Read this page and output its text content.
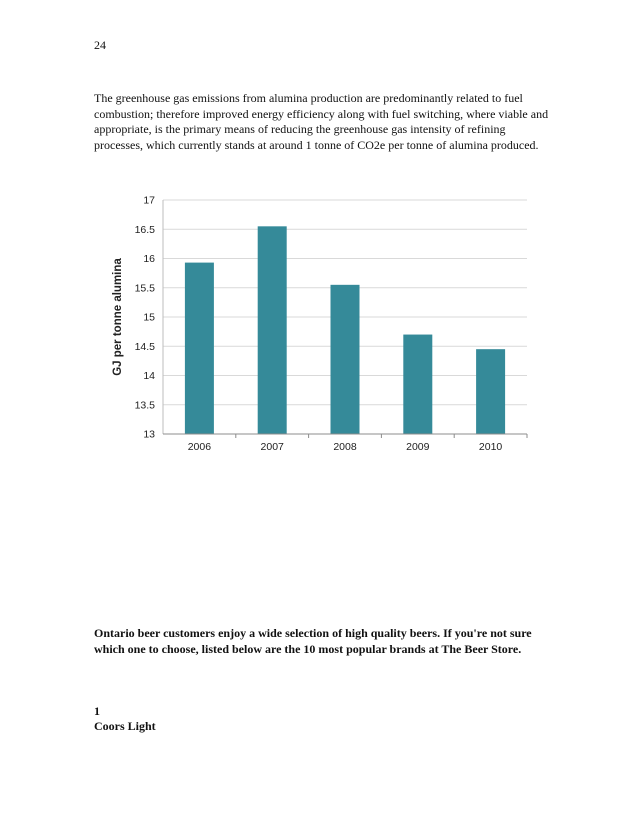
24
The greenhouse gas emissions from alumina production are predominantly related to fuel combustion; therefore improved energy efficiency along with fuel switching, where viable and appropriate, is the primary means of reducing the greenhouse gas intensity of refining processes, which currently stands at around 1 tonne of CO2e per tonne of alumina produced.
13
13.5
14
14.5
15
15.5
16
16.5
17
2006	2007	2008	2009	2010
GJ per tonne alumina
Ontario beer customers enjoy a wide selection of high quality beers. If you're not sure which one to choose, listed below are the 10 most popular brands at The Beer Store.
1
Coors Light
